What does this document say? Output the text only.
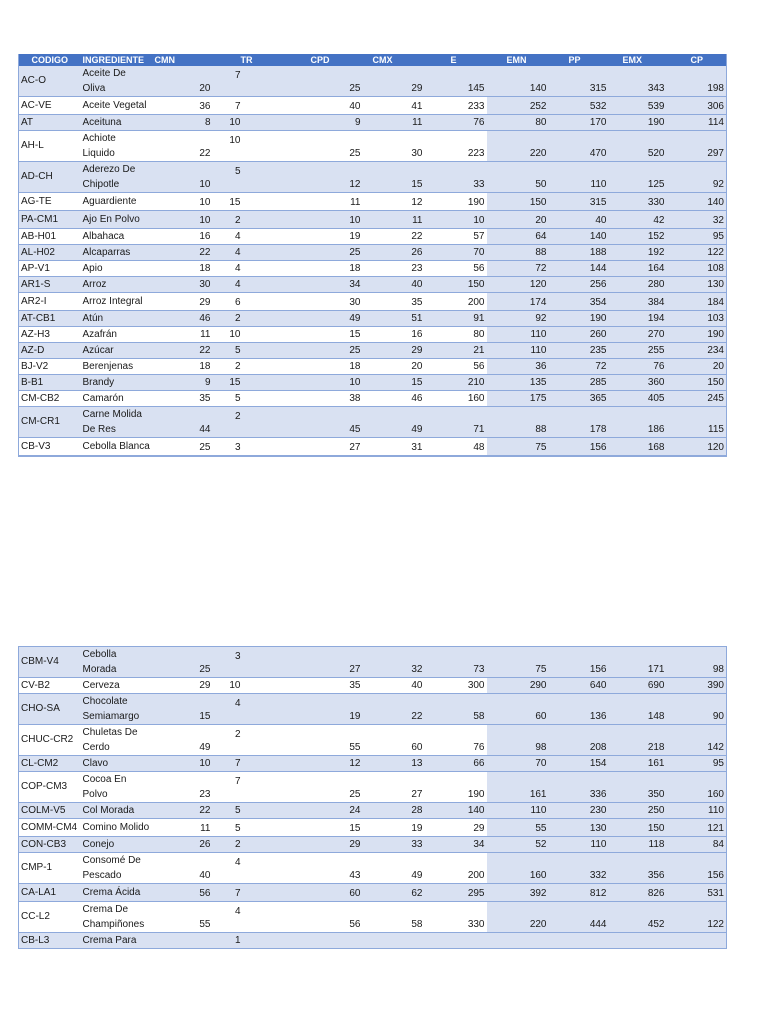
CODIGO	INGREDIENTE	CMN	TR	CPD	CMX	E	EMN	PP	EMX	CP
AC-O	Aceite De Oliva	20	7	25	29	145	140	315	343	198
AC-VE	Aceite Vegetal	36	7	40	41	233	252	532	539	306
AT	Aceituna	8	10	9	11	76	80	170	190	114
AH-L	Achiote Liquido	22	10	25	30	223	220	470	520	297
AD-CH	Aderezo De Chipotle	10	5	12	15	33	50	110	125	92
AG-TE	Aguardiente	10	15	11	12	190	150	315	330	140
PA-CM1	Ajo En Polvo	10	2	10	11	10	20	40	42	32
AB-H01	Albahaca	16	4	19	22	57	64	140	152	95
AL-H02	Alcaparras	22	4	25	26	70	88	188	192	122
AP-V1	Apio	18	4	18	23	56	72	144	164	108
AR1-S	Arroz	30	4	34	40	150	120	256	280	130
AR2-I	Arroz Integral	29	6	30	35	200	174	354	384	184
AT-CB1	Atún	46	2	49	51	91	92	190	194	103
AZ-H3	Azafrán	11	10	15	16	80	110	260	270	190
AZ-D	Azúcar	22	5	25	29	21	110	235	255	234
BJ-V2	Berenjenas	18	2	18	20	56	36	72	76	20
B-B1	Brandy	9	15	10	15	210	135	285	360	150
CM-CB2	Camarón	35	5	38	46	160	175	365	405	245
CM-CR1	Carne Molida De Res	44	2	45	49	71	88	178	186	115
CB-V3	Cebolla Blanca	25	3	27	31	48	75	156	168	120
CBM-V4	Cebolla Morada	25	3	27	32	73	75	156	171	98
CV-B2	Cerveza	29	10	35	40	300	290	640	690	390
CHO-SA	Chocolate Semiamargo	15	4	19	22	58	60	136	148	90
CHUC-CR2	Chuletas De Cerdo	49	2	55	60	76	98	208	218	142
CL-CM2	Clavo	10	7	12	13	66	70	154	161	95
COP-CM3	Cocoa En Polvo	23	7	25	27	190	161	336	350	160
COLM-V5	Col Morada	22	5	24	28	140	110	230	250	110
COMM-CM4	Comino Molido	11	5	15	19	29	55	130	150	121
CON-CB3	Conejo	26	2	29	33	34	52	110	118	84
CMP-1	Consomé De Pescado	40	4	43	49	200	160	332	356	156
CA-LA1	Crema Ácida	56	7	60	62	295	392	812	826	531
CC-L2	Crema De Champiñones	55	4	56	58	330	220	444	452	122
CB-L3	Crema Para		1							
